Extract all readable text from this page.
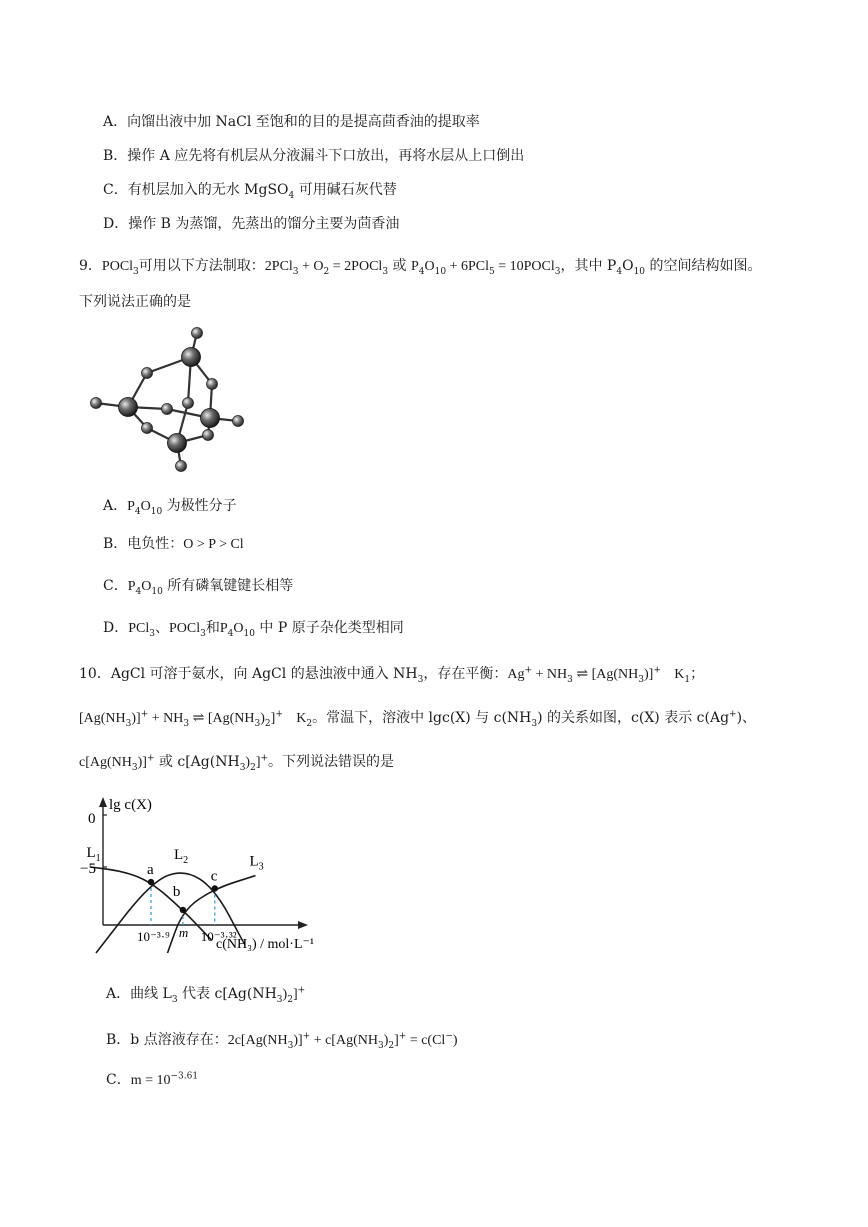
A．向馏出液中加 NaCl 至饱和的目的是提高茴香油的提取率
B．操作 A 应先将有机层从分液漏斗下口放出，再将水层从上口倒出
C．有机层加入的无水 MgSO$_4$ 可用碱石灰代替
D．操作 B 为蒸馏，先蒸出的馏分主要为茴香油
9．POCl$_3$可用以下方法制取：$2PCl_3 + O_2$ = 2POCl$_3$ 或 $P_4O_{10} + 6PCl_5$ = 10POCl$_3$，其中 $P_4O_{10}$ 的空间结构如图。
下列说法正确的是
A．$P_4O_{10}$ 为极性分子
B．电负性：O > P > Cl
C．$P_4O_{10}$ 所有磷氧键键长相等
D．PCl$_3$、POCl$_3$和$P_4O_{10}$ 中 P 原子杂化类型相同
10．AgCl 可溶于氨水，向 AgCl 的悬浊液中通入 $NH_3$，存在平衡：$Ag^+ + NH_3$ ⇌ $[Ag(NH_3)]^+$ $K_1$；
$[Ag(NH_3)]^+ + NH_3$ ⇌ $[Ag(NH_3)_2]^+$ $K_2$。常温下，溶液中 lgc(X) 与 $c(NH_3)$ 的关系如图，c(X) 表示 c(Ag+)、
$c[Ag(NH_3)]^+$ 或 $c[Ag(NH_3)_2]^+$。下列说法错误的是
$L_1$	$L_2$	$L_3$
a
b
c
10⁻³·⁹ m 10⁻³·³²
lg c(X)
c(NH₃) / mol·L⁻¹
0
−5
A．曲线 $L_3$ 代表 $c[Ag(NH_3)_2]^+$
B．b 点溶液存在：$2c[Ag(NH_3)]^+ + c[Ag(NH_3)_2]^+ = c(Cl^-)$
C．$m = 10^{-3.61}$
